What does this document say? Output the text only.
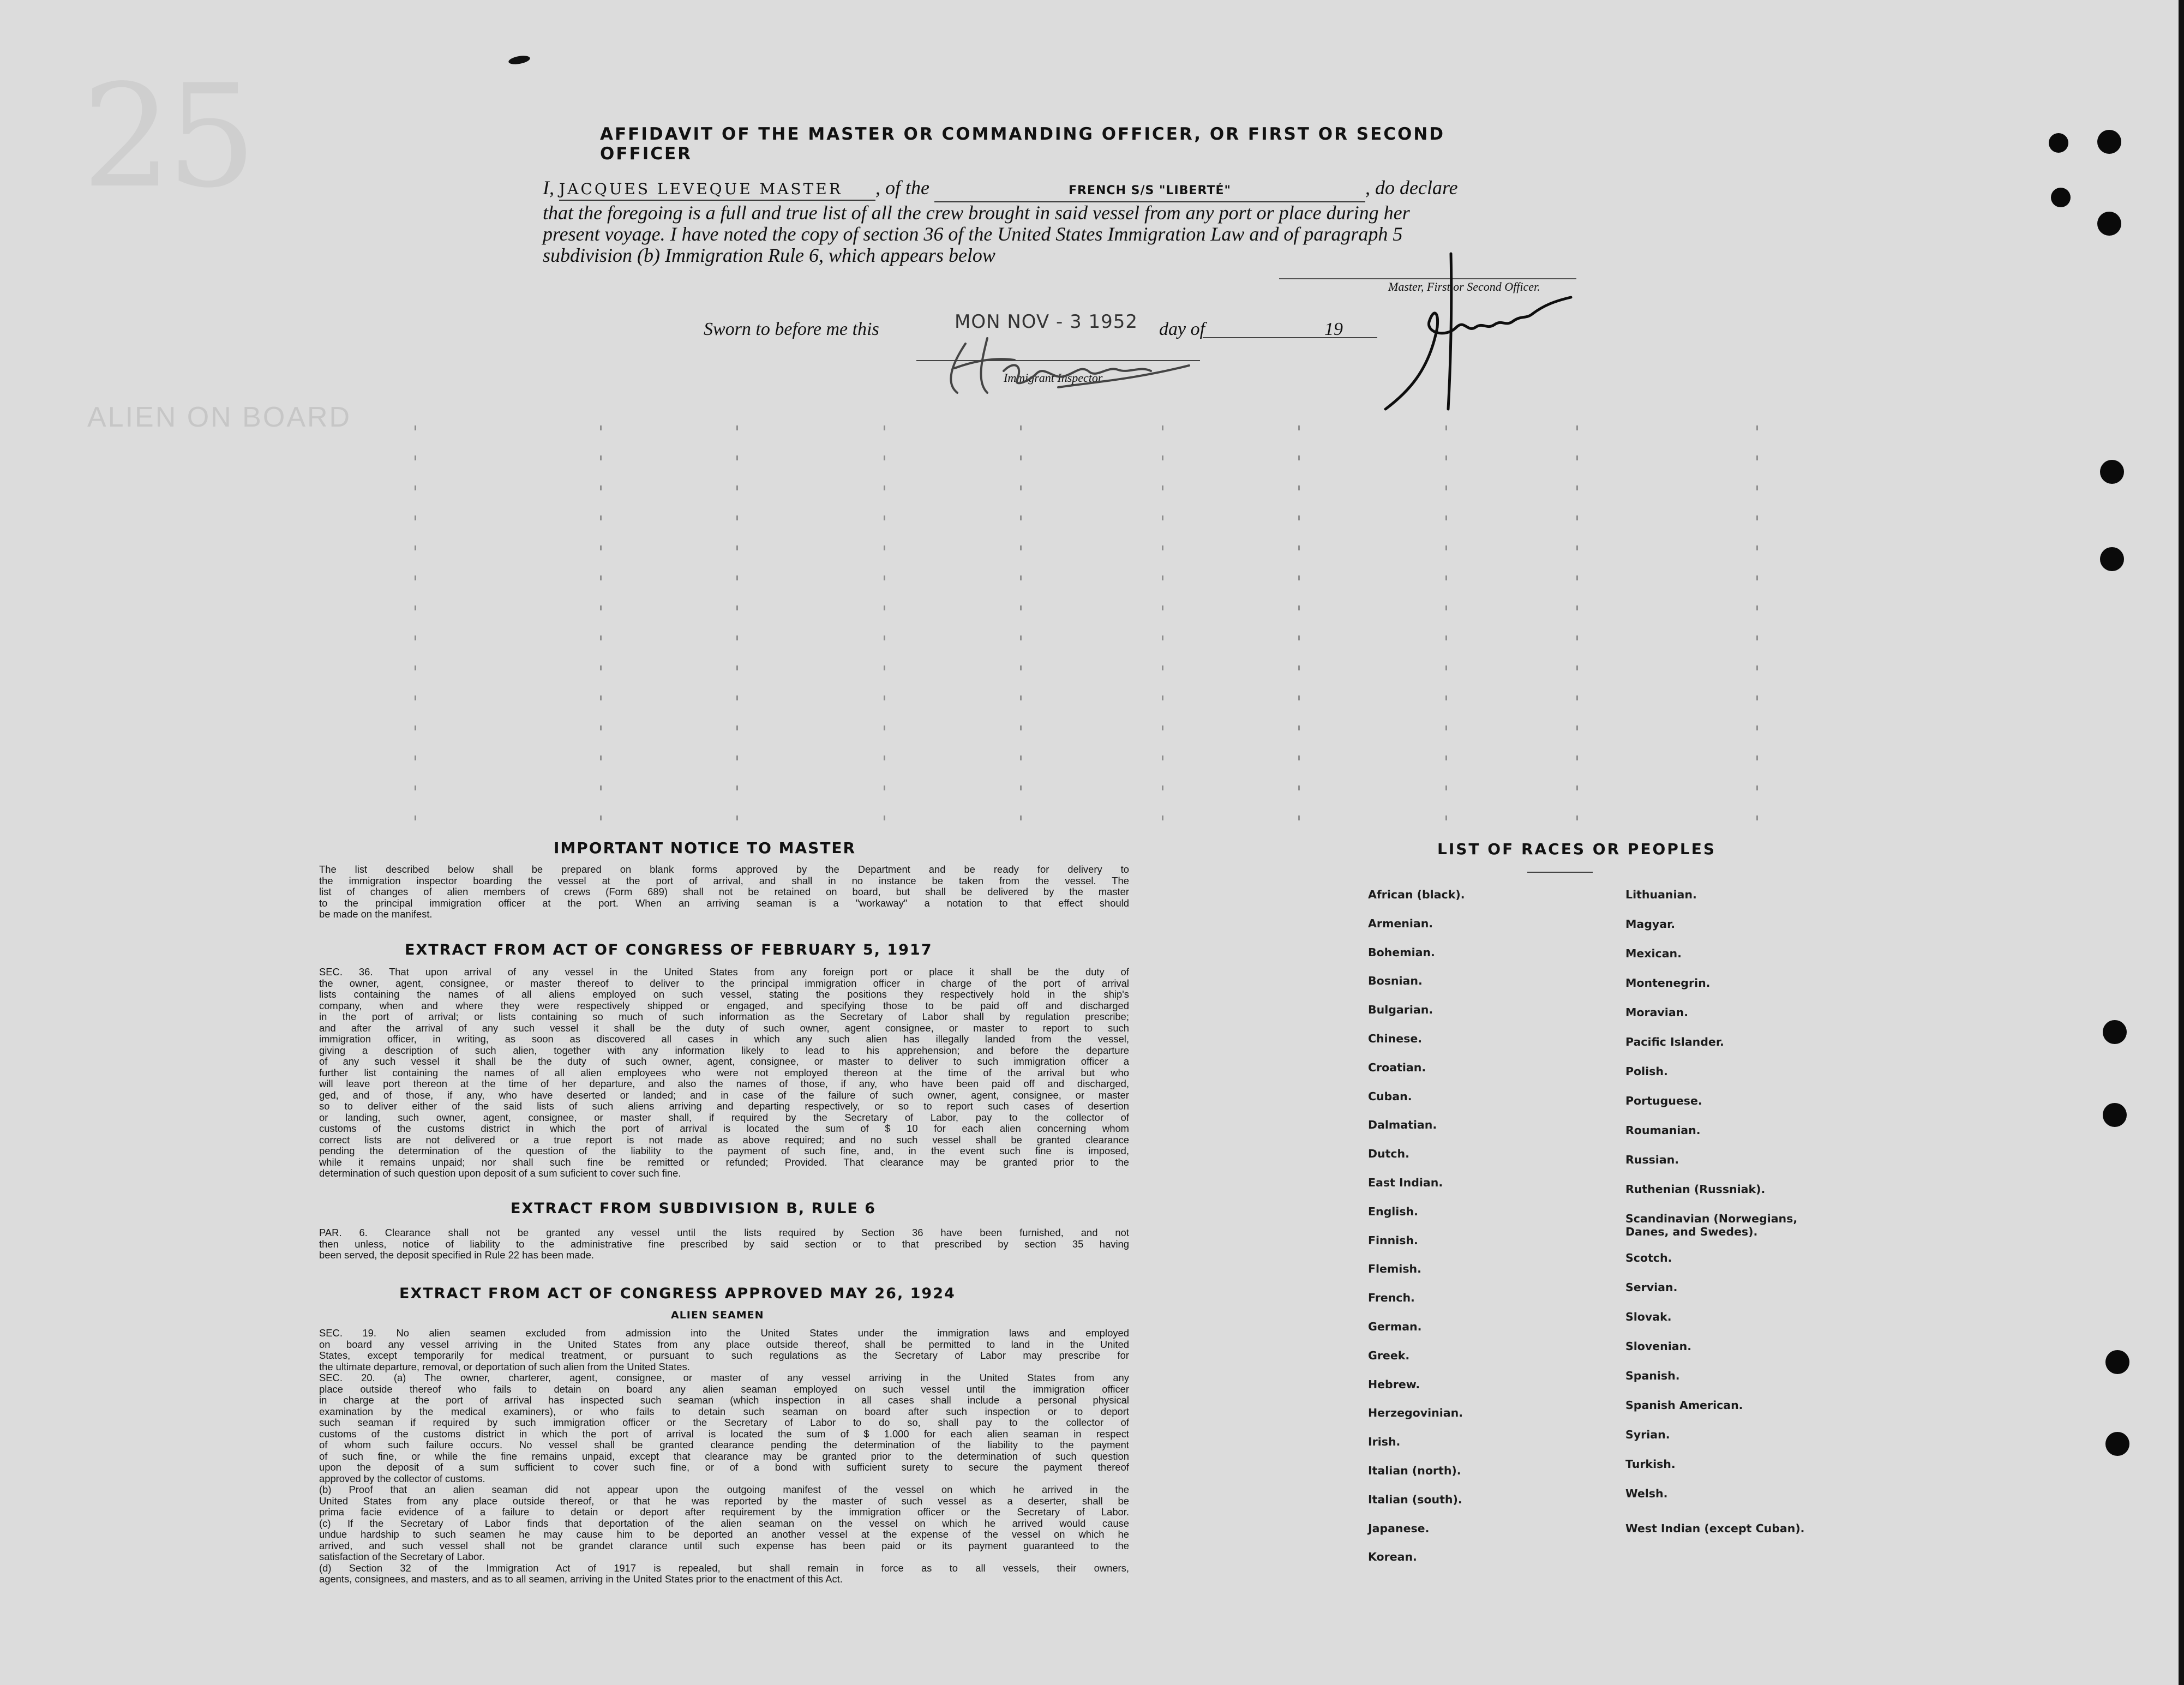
25
ALIEN ON BOARD
AFFIDAVIT OF THE MASTER OR COMMANDING OFFICER, OR FIRST OR SECOND OFFICER
I, JACQUES LEVEQUE MASTER , of the	FRENCH S/S "LIBERTÉ"	, do declare
that the foregoing is a full and true list of all the crew brought in said vessel from any port or place during her
present voyage. I have noted the copy of section 36 of the United States Immigration Law and of paragraph 5
subdivision (b) Immigration Rule 6, which appears below
Master, First or Second Officer.
Sworn to before me this	MON NOV - 3 1952 day of	19
Immigrant Inspector.
IMPORTANT NOTICE TO MASTER
The list described below shall be prepared on blank forms approved by the Department and be ready for delivery to
the immigration inspector boarding the vessel at the port of arrival, and shall in no instance be taken from the vessel. The
list of changes of alien members of crews (Form 689) shall not be retained on board, but shall be delivered by the master
to the principal immigration officer at the port. When an arriving seaman is a "workaway" a notation to that effect should
be made on the manifest.
EXTRACT FROM ACT OF CONGRESS OF FEBRUARY 5, 1917
SEC. 36. That upon arrival of any vessel in the United States from any foreign port or place it shall be the duty of
the owner, agent, consignee, or master thereof to deliver to the principal immigration officer in charge of the port of arrival
lists containing the names of all aliens employed on such vessel, stating the positions they respectively hold in the ship's
company, when and where they were respectively shipped or engaged, and specifying those to be paid off and discharged
in the port of arrival; or lists containing so much of such information as the Secretary of Labor shall by regulation prescribe;
and after the arrival of any such vessel it shall be the duty of such owner, agent consignee, or master to report to such
immigration officer, in writing, as soon as discovered all cases in which any such alien has illegally landed from the vessel,
giving a description of such alien, together with any information likely to lead to his apprehension; and before the departure
of any such vessel it shall be the duty of such owner, agent, consignee, or master to deliver to such immigration officer a
further list containing the names of all alien employees who were not employed thereon at the time of the arrival but who
will leave port thereon at the time of her departure, and also the names of those, if any, who have been paid off and discharged,
ged, and of those, if any, who have deserted or landed; and in case of the failure of such owner, agent, consignee, or master
so to deliver either of the said lists of such aliens arriving and departing respectively, or so to report such cases of desertion
or landing, such owner, agent, consignee, or master shall, if required by the Secretary of Labor, pay to the collector of
customs of the customs district in which the port of arrival is located the sum of $ 10 for each alien concerning whom
correct lists are not delivered or a true report is not made as above required; and no such vessel shall be granted clearance
pending the determination of the question of the liability to the payment of such fine, and, in the event such fine is imposed,
while it remains unpaid; nor shall such fine be remitted or refunded; Provided. That clearance may be granted prior to the
determination of such question upon deposit of a sum suficient to cover such fine.
EXTRACT FROM SUBDIVISION B, RULE 6
PAR. 6. Clearance shall not be granted any vessel until the lists required by Section 36 have been furnished, and not
then unless, notice of liability to the administrative fine prescribed by said section or to that prescribed by section 35 having
been served, the deposit specified in Rule 22 has been made.
EXTRACT FROM ACT OF CONGRESS APPROVED MAY 26, 1924
ALIEN SEAMEN
SEC. 19. No alien seamen excluded from admission into the United States under the immigration laws and employed
on board any vessel arriving in the United States from any place outside thereof, shall be permitted to land in the United
States, except temporarily for medical treatment, or pursuant to such regulations as the Secretary of Labor may prescribe for
the ultimate departure, removal, or deportation of such alien from the United States.
SEC. 20. (a) The owner, charterer, agent, consignee, or master of any vessel arriving in the United States from any
place outside thereof who fails to detain on board any alien seaman employed on such vessel until the immigration officer
in charge at the port of arrival has inspected such seaman (which inspection in all cases shall include a personal physical
examination by the medical examiners), or who fails to detain such seaman on board after such inspection or to deport
such seaman if required by such immigration officer or the Secretary of Labor to do so, shall pay to the collector of
customs of the customs district in which the port of arrival is located the sum of $ 1.000 for each alien seaman in respect
of whom such failure occurs. No vessel shall be granted clearance pending the determination of the liability to the payment
of such fine, or while the fine remains unpaid, except that clearance may be granted prior to the determination of such question
upon the deposit of a sum sufficient to cover such fine, or of a bond with sufficient surety to secure the payment thereof
approved by the collector of customs.
(b) Proof that an alien seaman did not appear upon the outgoing manifest of the vessel on which he arrived in the
United States from any place outside thereof, or that he was reported by the master of such vessel as a deserter, shall be
prima facie evidence of a failure to detain or deport after requirement by the immigration officer or the Secretary of Labor.
(c) If the Secretary of Labor finds that deportation of the alien seaman on the vessel on which he arrived would cause
undue hardship to such seamen he may cause him to be deported an another vessel at the expense of the vessel on which he
arrived, and such vessel shall not be grandet clarance until such expense has been paid or its payment guaranteed to the
satisfaction of the Secretary of Labor.
(d) Section 32 of the Immigration Act of 1917 is repealed, but shall remain in force as to all vessels, their owners,
agents, consignees, and masters, and as to all seamen, arriving in the United States prior to the enactment of this Act.
LIST OF RACES OR PEOPLES
African (black).
Armenian.
Bohemian.
Bosnian.
Bulgarian.
Chinese.
Croatian.
Cuban.
Dalmatian.
Dutch.
East Indian.
English.
Finnish.
Flemish.
French.
German.
Greek.
Hebrew.
Herzegovinian.
Irish.
Italian (north).
Italian (south).
Japanese.
Korean.
Lithuanian.
Magyar.
Mexican.
Montenegrin.
Moravian.
Pacific Islander.
Polish.
Portuguese.
Roumanian.
Russian.
Ruthenian (Russniak).
Scandinavian (Norwegians, Danes, and Swedes).
Scotch.
Servian.
Slovak.
Slovenian.
Spanish.
Spanish American.
Syrian.
Turkish.
Welsh.
West Indian (except Cuban).
